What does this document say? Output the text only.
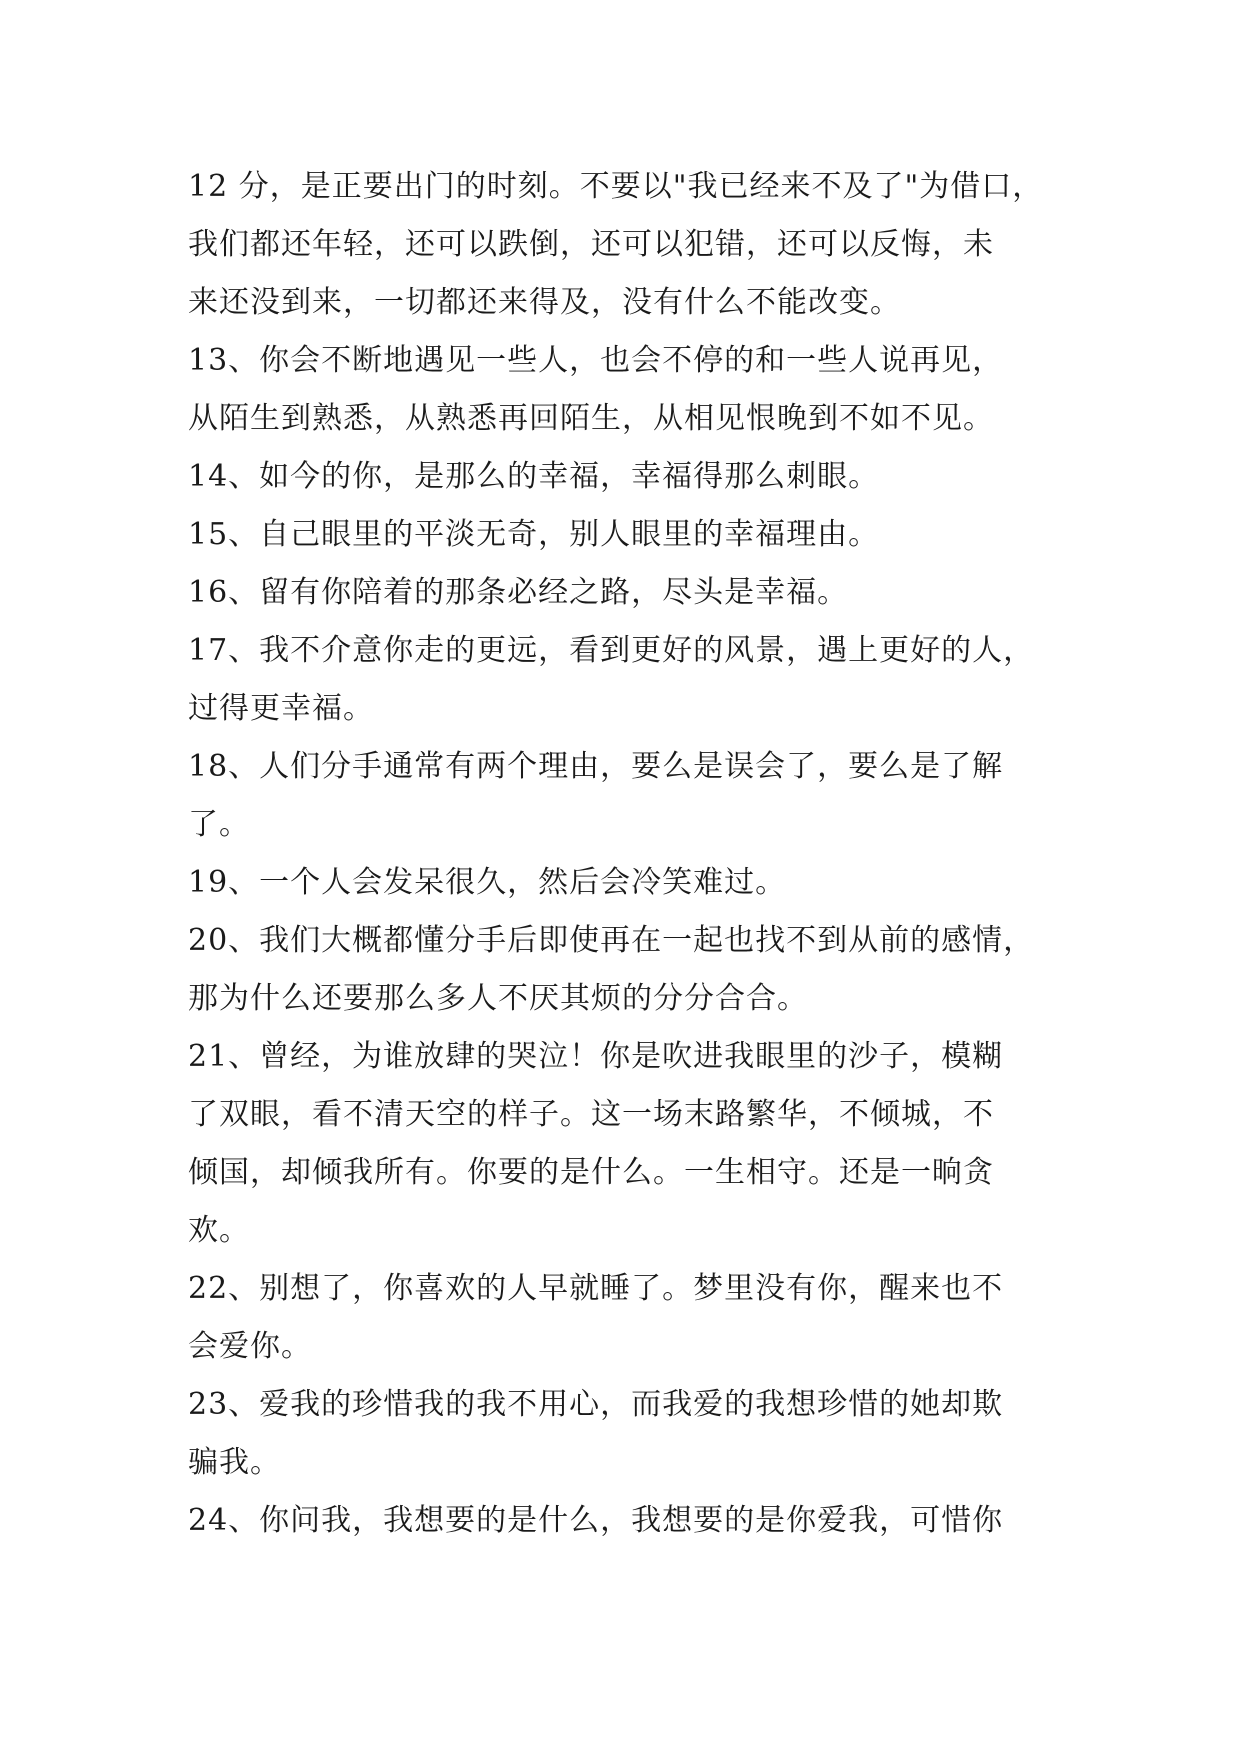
12 分，是正要出门的时刻。不要以"我已经来不及了"为借口，
我们都还年轻，还可以跌倒，还可以犯错，还可以反悔，未
来还没到来，一切都还来得及，没有什么不能改变。
13、你会不断地遇见一些人，也会不停的和一些人说再见，
从陌生到熟悉，从熟悉再回陌生，从相见恨晚到不如不见。
14、如今的你，是那么的幸福，幸福得那么刺眼。
15、自己眼里的平淡无奇，别人眼里的幸福理由。
16、留有你陪着的那条必经之路，尽头是幸福。
17、我不介意你走的更远，看到更好的风景，遇上更好的人，
过得更幸福。
18、人们分手通常有两个理由，要么是误会了，要么是了解
了。
19、一个人会发呆很久，然后会冷笑难过。
20、我们大概都懂分手后即使再在一起也找不到从前的感情，
那为什么还要那么多人不厌其烦的分分合合。
21、曾经，为谁放肆的哭泣！你是吹进我眼里的沙子，模糊
了双眼，看不清天空的样子。这一场末路繁华，不倾城，不
倾国，却倾我所有。你要的是什么。一生相守。还是一晌贪
欢。
22、别想了，你喜欢的人早就睡了。梦里没有你，醒来也不
会爱你。
23、爱我的珍惜我的我不用心，而我爱的我想珍惜的她却欺
骗我。
24、你问我，我想要的是什么，我想要的是你爱我，可惜你
